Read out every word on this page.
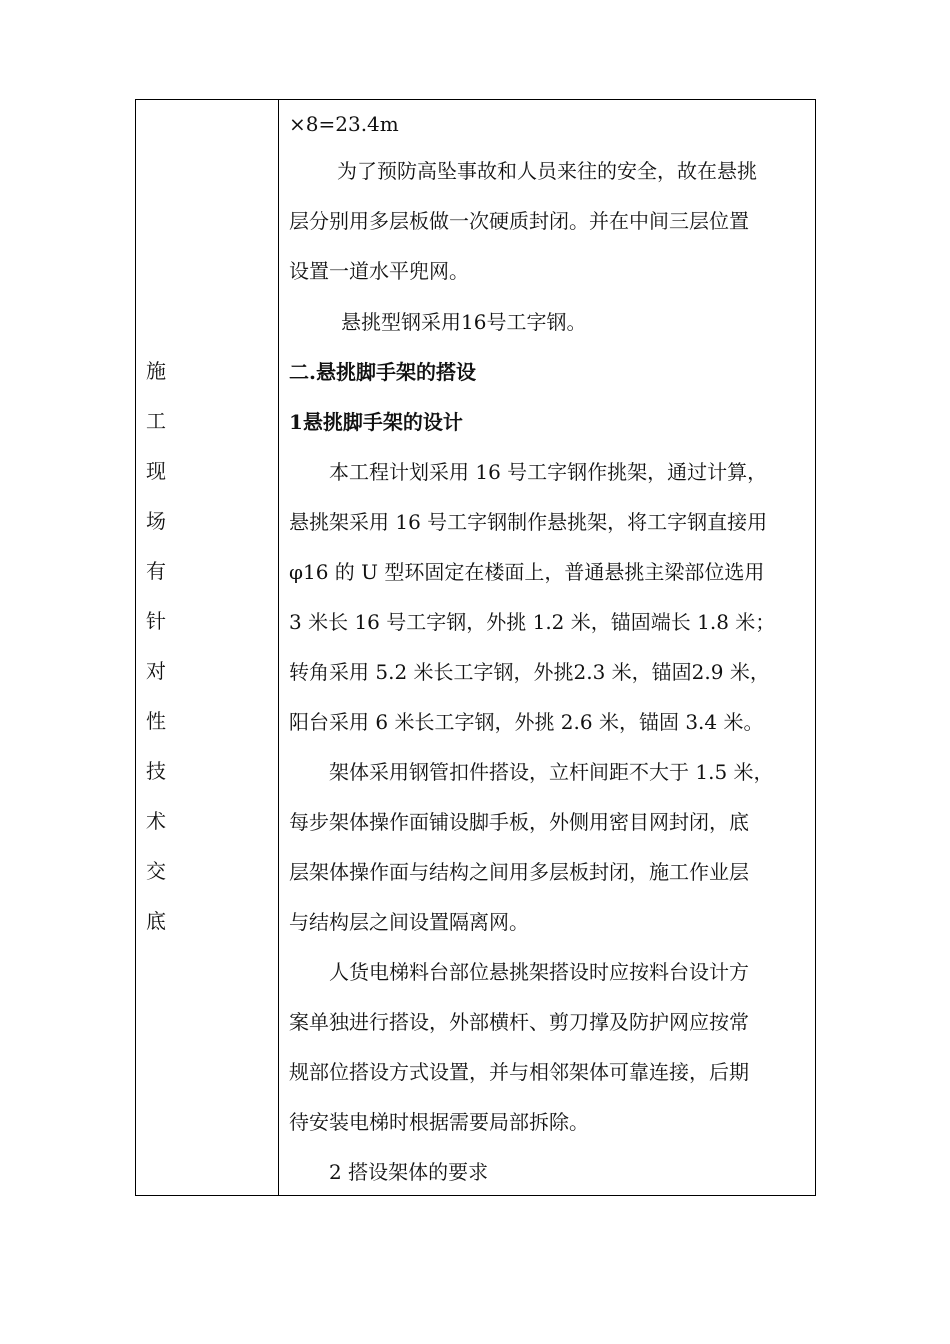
施
工
现
场
有
针
对
性
技
术
交
底
×8=23.4m
为了预防高坠事故和人员来往的安全，故在悬挑
层分别用多层板做一次硬质封闭。并在中间三层位置
设置一道水平兜网。
悬挑型钢采用16号工字钢。
二.悬挑脚手架的搭设
1悬挑脚手架的设计
本工程计划采用 16 号工字钢作挑架，通过计算，
悬挑架采用 16 号工字钢制作悬挑架，将工字钢直接用
φ16 的 U 型环固定在楼面上，普通悬挑主梁部位选用
3 米长 16 号工字钢，外挑 1.2 米，锚固端长 1.8 米；
转角采用 5.2 米长工字钢，外挑2.3 米，锚固2.9 米，
阳台采用 6 米长工字钢，外挑 2.6 米，锚固 3.4 米。
架体采用钢管扣件搭设，立杆间距不大于 1.5 米，
每步架体操作面铺设脚手板，外侧用密目网封闭，底
层架体操作面与结构之间用多层板封闭，施工作业层
与结构层之间设置隔离网。
人货电梯料台部位悬挑架搭设时应按料台设计方
案单独进行搭设，外部横杆、剪刀撑及防护网应按常
规部位搭设方式设置，并与相邻架体可靠连接，后期
待安装电梯时根据需要局部拆除。
2 搭设架体的要求
